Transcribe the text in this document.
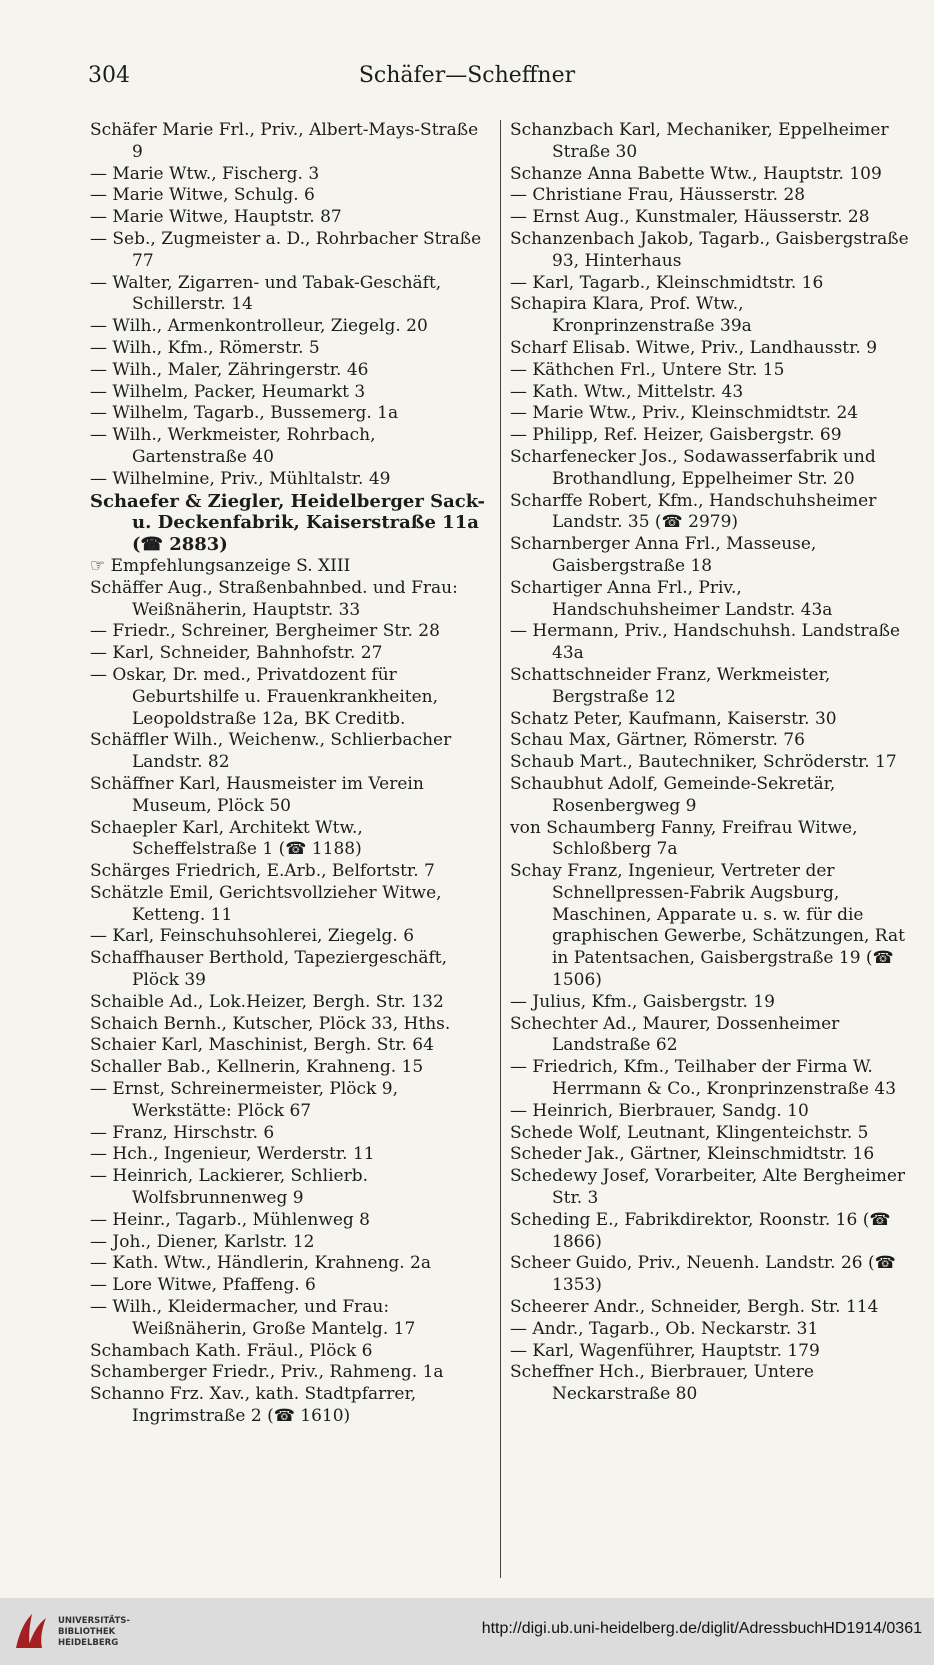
304	Schäfer—Scheffner

Schäfer Marie Frl., Priv., Albert-Mays-Straße 9

— Marie Wtw., Fischerg. 3

— Marie Witwe, Schulg. 6

— Marie Witwe, Hauptstr. 87

— Seb., Zugmeister a. D., Rohrbacher Straße 77

— Walter, Zigarren- und Tabak-Geschäft, Schillerstr. 14

— Wilh., Armenkontrolleur, Ziegelg. 20

— Wilh., Kfm., Römerstr. 5

— Wilh., Maler, Zähringerstr. 46

— Wilhelm, Packer, Heumarkt 3

— Wilhelm, Tagarb., Bussemerg. 1a

— Wilh., Werkmeister, Rohrbach, Gartenstraße 40

— Wilhelmine, Priv., Mühltalstr. 49

Schaefer & Ziegler, Heidelberger Sack- u. Deckenfabrik, Kaiserstraße 11a (☎ 2883)

☞ Empfehlungsanzeige S. XIII

Schäffer Aug., Straßenbahnbed. und Frau: Weißnäherin, Hauptstr. 33

— Friedr., Schreiner, Bergheimer Str. 28

— Karl, Schneider, Bahnhofstr. 27

— Oskar, Dr. med., Privatdozent für Geburtshilfe u. Frauenkrankheiten, Leopoldstraße 12a, BK Creditb.

Schäffler Wilh., Weichenw., Schlierbacher Landstr. 82

Schäffner Karl, Hausmeister im Verein Museum, Plöck 50

Schaepler Karl, Architekt Wtw., Scheffelstraße 1 (☎ 1188)

Schärges Friedrich, E.Arb., Belfortstr. 7

Schätzle Emil, Gerichtsvollzieher Witwe, Ketteng. 11

— Karl, Feinschuhsohlerei, Ziegelg. 6

Schaffhauser Berthold, Tapeziergeschäft, Plöck 39

Schaible Ad., Lok.Heizer, Bergh. Str. 132

Schaich Bernh., Kutscher, Plöck 33, Hths.

Schaier Karl, Maschinist, Bergh. Str. 64

Schaller Bab., Kellnerin, Krahneng. 15

— Ernst, Schreinermeister, Plöck 9, Werkstätte: Plöck 67

— Franz, Hirschstr. 6

— Hch., Ingenieur, Werderstr. 11

— Heinrich, Lackierer, Schlierb. Wolfsbrunnenweg 9

— Heinr., Tagarb., Mühlenweg 8

— Joh., Diener, Karlstr. 12

— Kath. Wtw., Händlerin, Krahneng. 2a

— Lore Witwe, Pfaffeng. 6

— Wilh., Kleidermacher, und Frau: Weißnäherin, Große Mantelg. 17

Schambach Kath. Fräul., Plöck 6

Schamberger Friedr., Priv., Rahmeng. 1a

Schanno Frz. Xav., kath. Stadtpfarrer, Ingrimstraße 2 (☎ 1610)

Schanzbach Karl, Mechaniker, Eppelheimer Straße 30

Schanze Anna Babette Wtw., Hauptstr. 109

— Christiane Frau, Häusserstr. 28

— Ernst Aug., Kunstmaler, Häusserstr. 28

Schanzenbach Jakob, Tagarb., Gaisbergstraße 93, Hinterhaus

— Karl, Tagarb., Kleinschmidtstr. 16

Schapira Klara, Prof. Wtw., Kronprinzenstraße 39a

Scharf Elisab. Witwe, Priv., Landhausstr. 9

— Käthchen Frl., Untere Str. 15

— Kath. Wtw., Mittelstr. 43

— Marie Wtw., Priv., Kleinschmidtstr. 24

— Philipp, Ref. Heizer, Gaisbergstr. 69

Scharfenecker Jos., Sodawasserfabrik und Brothandlung, Eppelheimer Str. 20

Scharffe Robert, Kfm., Handschuhsheimer Landstr. 35 (☎ 2979)

Scharnberger Anna Frl., Masseuse, Gaisbergstraße 18

Schartiger Anna Frl., Priv., Handschuhsheimer Landstr. 43a

— Hermann, Priv., Handschuhsh. Landstraße 43a

Schattschneider Franz, Werkmeister, Bergstraße 12

Schatz Peter, Kaufmann, Kaiserstr. 30

Schau Max, Gärtner, Römerstr. 76

Schaub Mart., Bautechniker, Schröderstr. 17

Schaubhut Adolf, Gemeinde-Sekretär, Rosenbergweg 9

von Schaumberg Fanny, Freifrau Witwe, Schloßberg 7a

Schay Franz, Ingenieur, Vertreter der Schnellpressen-Fabrik Augsburg, Maschinen, Apparate u. s. w. für die graphischen Gewerbe, Schätzungen, Rat in Patentsachen, Gaisbergstraße 19 (☎ 1506)

— Julius, Kfm., Gaisbergstr. 19

Schechter Ad., Maurer, Dossenheimer Landstraße 62

— Friedrich, Kfm., Teilhaber der Firma W. Herrmann & Co., Kronprinzenstraße 43

— Heinrich, Bierbrauer, Sandg. 10

Schede Wolf, Leutnant, Klingenteichstr. 5

Scheder Jak., Gärtner, Kleinschmidtstr. 16

Schedewy Josef, Vorarbeiter, Alte Bergheimer Str. 3

Scheding E., Fabrikdirektor, Roonstr. 16 (☎ 1866)

Scheer Guido, Priv., Neuenh. Landstr. 26 (☎ 1353)

Scheerer Andr., Schneider, Bergh. Str. 114

— Andr., Tagarb., Ob. Neckarstr. 31

— Karl, Wagenführer, Hauptstr. 179

Scheffner Hch., Bierbrauer, Untere Neckarstraße 80

UNIVERSITÄTS-
BIBLIOTHEK
HEIDELBERG
http://digi.ub.uni-heidelberg.de/diglit/AdressbuchHD1914/0361
